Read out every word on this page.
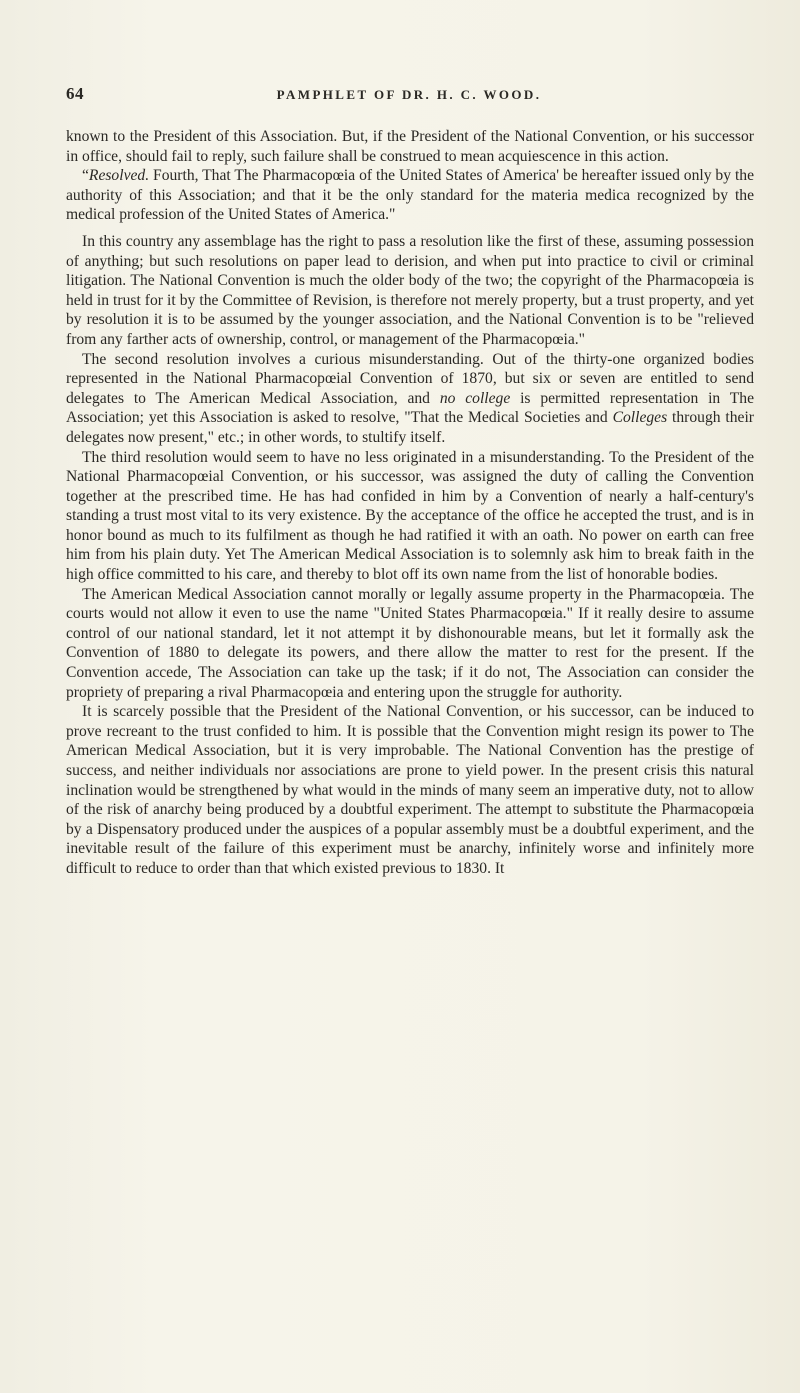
64	PAMPHLET OF DR. H. C. WOOD.

known to the President of this Association. But, if the President of the National Convention, or his successor in office, should fail to reply, such failure shall be construed to mean acquiescence in this action.

“Resolved. Fourth, That The Pharmacopœia of the United States of America' be hereafter issued only by the authority of this Association; and that it be the only standard for the materia medica recognized by the medical profession of the United States of America."

In this country any assemblage has the right to pass a resolution like the first of these, assuming possession of anything; but such resolutions on paper lead to derision, and when put into practice to civil or criminal litigation. The National Convention is much the older body of the two; the copyright of the Pharmacopœia is held in trust for it by the Committee of Revision, is therefore not merely property, but a trust property, and yet by resolution it is to be assumed by the younger association, and the National Convention is to be "relieved from any farther acts of ownership, control, or management of the Pharmacopœia."

The second resolution involves a curious misunderstanding. Out of the thirty-one organized bodies represented in the National Pharmacopœial Convention of 1870, but six or seven are entitled to send delegates to The American Medical Association, and no college is permitted representation in The Association; yet this Association is asked to resolve, "That the Medical Societies and Colleges through their delegates now present," etc.; in other words, to stultify itself.

The third resolution would seem to have no less originated in a misunderstanding. To the President of the National Pharmacopœial Convention, or his successor, was assigned the duty of calling the Convention together at the prescribed time. He has had confided in him by a Convention of nearly a half-century's standing a trust most vital to its very existence. By the acceptance of the office he accepted the trust, and is in honor bound as much to its fulfilment as though he had ratified it with an oath. No power on earth can free him from his plain duty. Yet The American Medical Association is to solemnly ask him to break faith in the high office committed to his care, and thereby to blot off its own name from the list of honorable bodies.

The American Medical Association cannot morally or legally assume property in the Pharmacopœia. The courts would not allow it even to use the name "United States Pharmacopœia." If it really desire to assume control of our national standard, let it not attempt it by dishonourable means, but let it formally ask the Convention of 1880 to delegate its powers, and there allow the matter to rest for the present. If the Convention accede, The Association can take up the task; if it do not, The Association can consider the propriety of preparing a rival Pharmacopœia and entering upon the struggle for authority.

It is scarcely possible that the President of the National Convention, or his successor, can be induced to prove recreant to the trust confided to him. It is possible that the Convention might resign its power to The American Medical Association, but it is very improbable. The National Convention has the prestige of success, and neither individuals nor associations are prone to yield power. In the present crisis this natural inclination would be strengthened by what would in the minds of many seem an imperative duty, not to allow of the risk of anarchy being produced by a doubtful experiment. The attempt to substitute the Pharmacopœia by a Dispensatory produced under the auspices of a popular assembly must be a doubtful experiment, and the inevitable result of the failure of this experiment must be anarchy, infinitely worse and infinitely more difficult to reduce to order than that which existed previous to 1830. It
